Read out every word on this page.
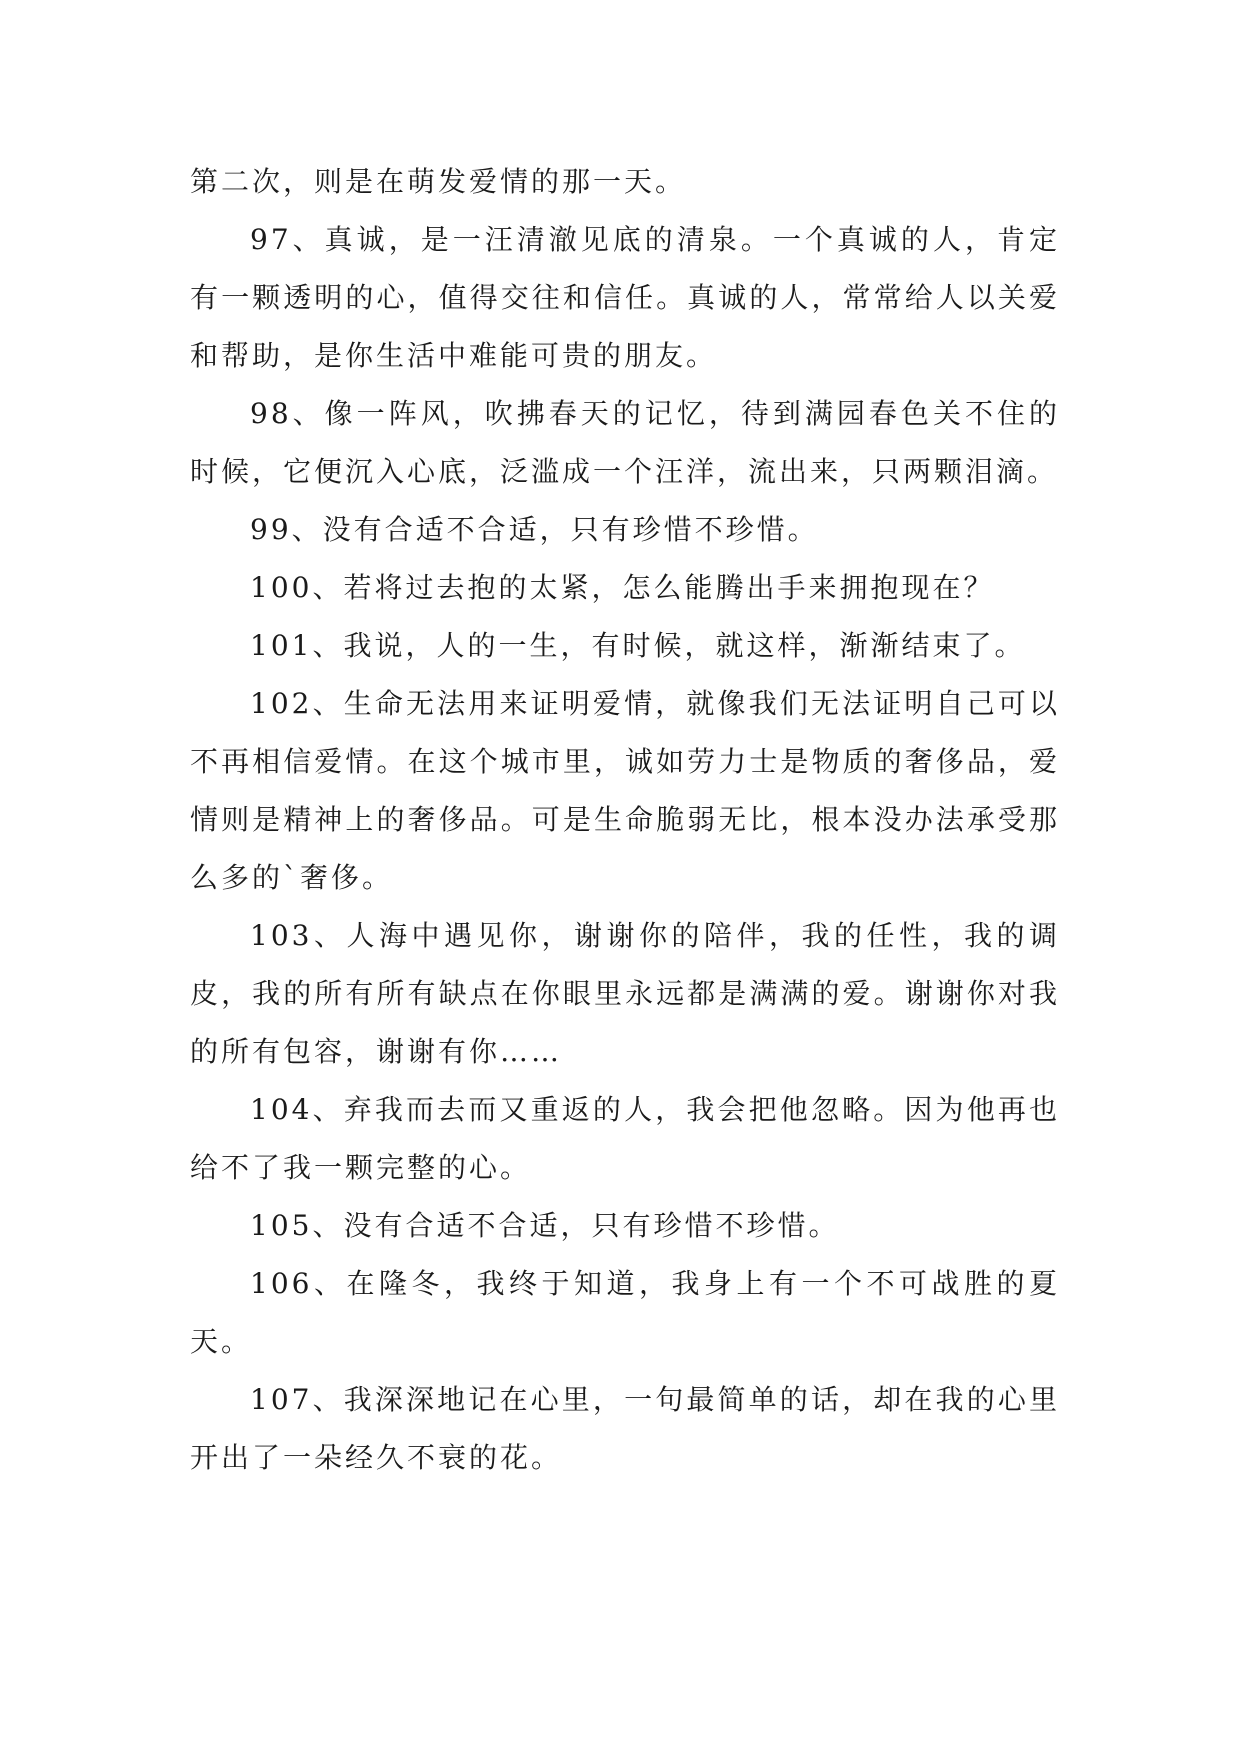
第二次，则是在萌发爱情的那一天。

97、真诚，是一汪清澈见底的清泉。一个真诚的人，肯定有一颗透明的心，值得交往和信任。真诚的人，常常给人以关爱和帮助，是你生活中难能可贵的朋友。

98、像一阵风，吹拂春天的记忆，待到满园春色关不住的时候，它便沉入心底，泛滥成一个汪洋，流出来，只两颗泪滴。

99、没有合适不合适，只有珍惜不珍惜。

100、若将过去抱的太紧，怎么能腾出手来拥抱现在？

101、我说，人的一生，有时候，就这样，渐渐结束了。

102、生命无法用来证明爱情，就像我们无法证明自己可以不再相信爱情。在这个城市里，诚如劳力士是物质的奢侈品，爱情则是精神上的奢侈品。可是生命脆弱无比，根本没办法承受那么多的`奢侈。

103、人海中遇见你，谢谢你的陪伴，我的任性，我的调皮，我的所有所有缺点在你眼里永远都是满满的爱。谢谢你对我的所有包容，谢谢有你……

104、弃我而去而又重返的人，我会把他忽略。因为他再也给不了我一颗完整的心。

105、没有合适不合适，只有珍惜不珍惜。

106、在隆冬，我终于知道，我身上有一个不可战胜的夏天。

107、我深深地记在心里，一句最简单的话，却在我的心里开出了一朵经久不衰的花。
